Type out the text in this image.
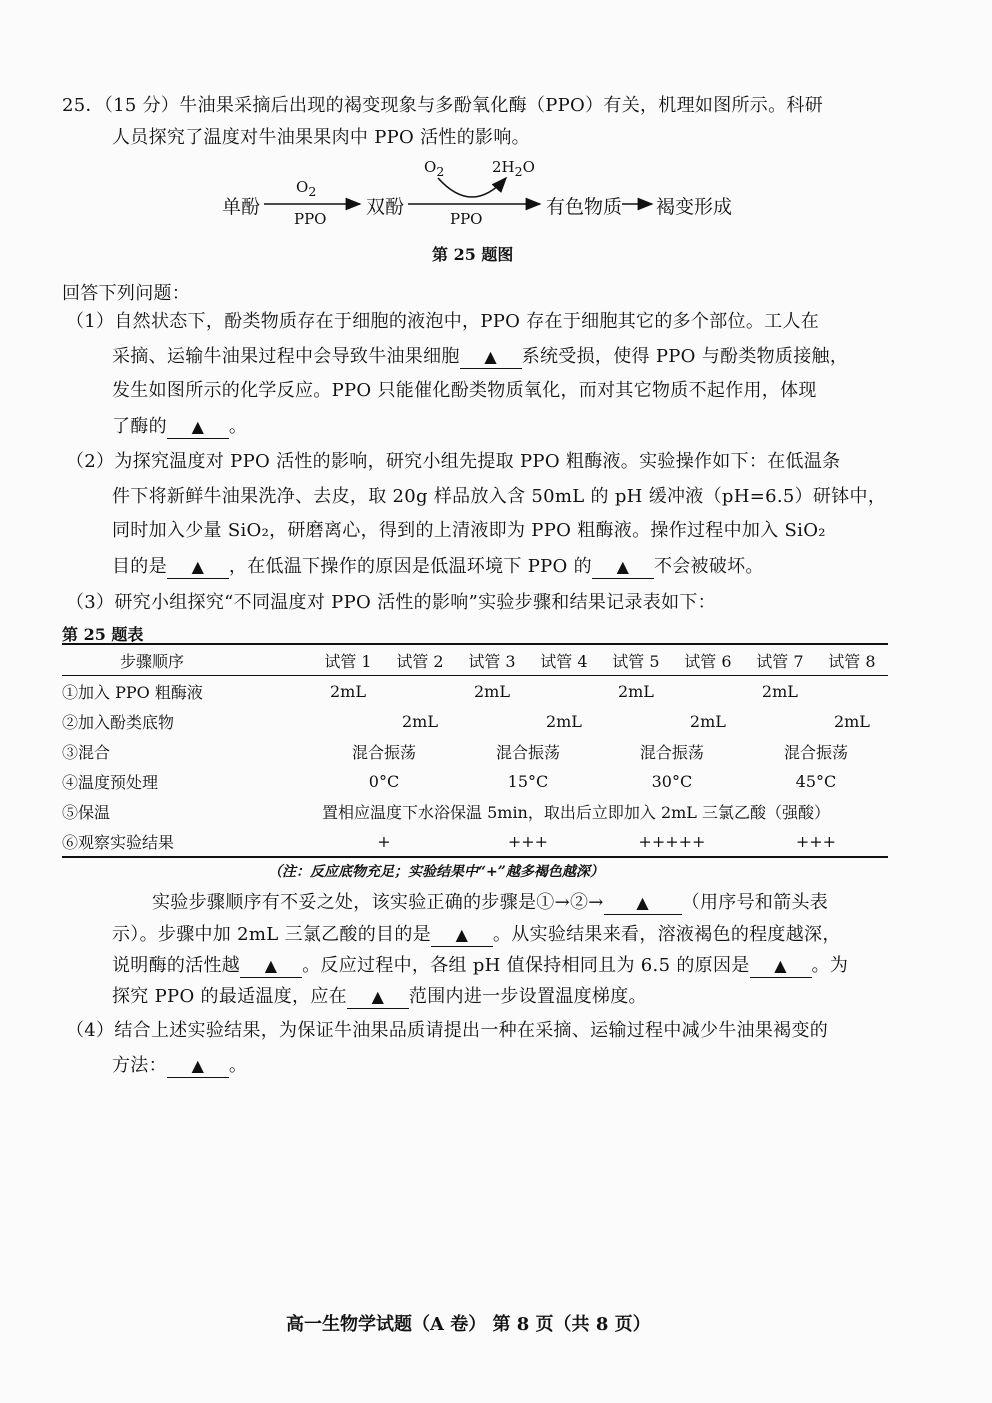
25．（15 分）牛油果采摘后出现的褐变现象与多酚氧化酶（PPO）有关，机理如图所示。科研
人员探究了温度对牛油果果肉中 PPO 活性的影响。
单酚
$O_2$
PPO
双酚
$O_2$	$2H_2O$
PPO
有色物质 褐变形成
第 25 题图
回答下列问题：
（1）自然状态下，酚类物质存在于细胞的液泡中，PPO 存在于细胞其它的多个部位。工人在
采摘、运输牛油果过程中会导致牛油果细胞 ▲ 系统受损，使得 PPO 与酚类物质接触，
发生如图所示的化学反应。PPO 只能催化酚类物质氧化，而对其它物质不起作用，体现
了酶的 ▲ 。
（2）为探究温度对 PPO 活性的影响，研究小组先提取 PPO 粗酶液。实验操作如下：在低温条
件下将新鲜牛油果洗净、去皮，取 20g 样品放入含 50mL 的 pH 缓冲液（pH=6.5）研钵中，
同时加入少量 SiO₂，研磨离心，得到的上清液即为 PPO 粗酶液。操作过程中加入 SiO₂
目的是 ▲ ，在低温下操作的原因是低温环境下 PPO 的 ▲ 不会被破坏。
（3）研究小组探究“不同温度对 PPO 活性的影响”实验步骤和结果记录表如下：
第 25 题表
步骤顺序	试管 1	试管 2	试管 3	试管 4	试管 5	试管 6	试管 7	试管 8
①加入 PPO 粗酶液	2mL		2mL		2mL		2mL	
②加入酚类底物		2mL		2mL		2mL		2mL
③混合	混合振荡		混合振荡		混合振荡		混合振荡	
④温度预处理	0°C		15°C		30°C		45°C	
⑤保温	置相应温度下水浴保温 5min，取出后立即加入 2mL 三氯乙酸（强酸）							
⑥观察实验结果	+		+++		+++++		+++	
（注：反应底物充足；实验结果中“+”越多褐色越深）
实验步骤顺序有不妥之处，该实验正确的步骤是①→②→ ▲ （用序号和箭头表
示）。步骤中加 2mL 三氯乙酸的目的是 ▲ 。从实验结果来看，溶液褐色的程度越深，
说明酶的活性越 ▲ 。反应过程中，各组 pH 值保持相同且为 6.5 的原因是 ▲ 。为
探究 PPO 的最适温度，应在 ▲ 范围内进一步设置温度梯度。
（4）结合上述实验结果，为保证牛油果品质请提出一种在采摘、运输过程中减少牛油果褐变的
方法： ▲ 。
高一生物学试题（A 卷） 第 8 页（共 8 页）
